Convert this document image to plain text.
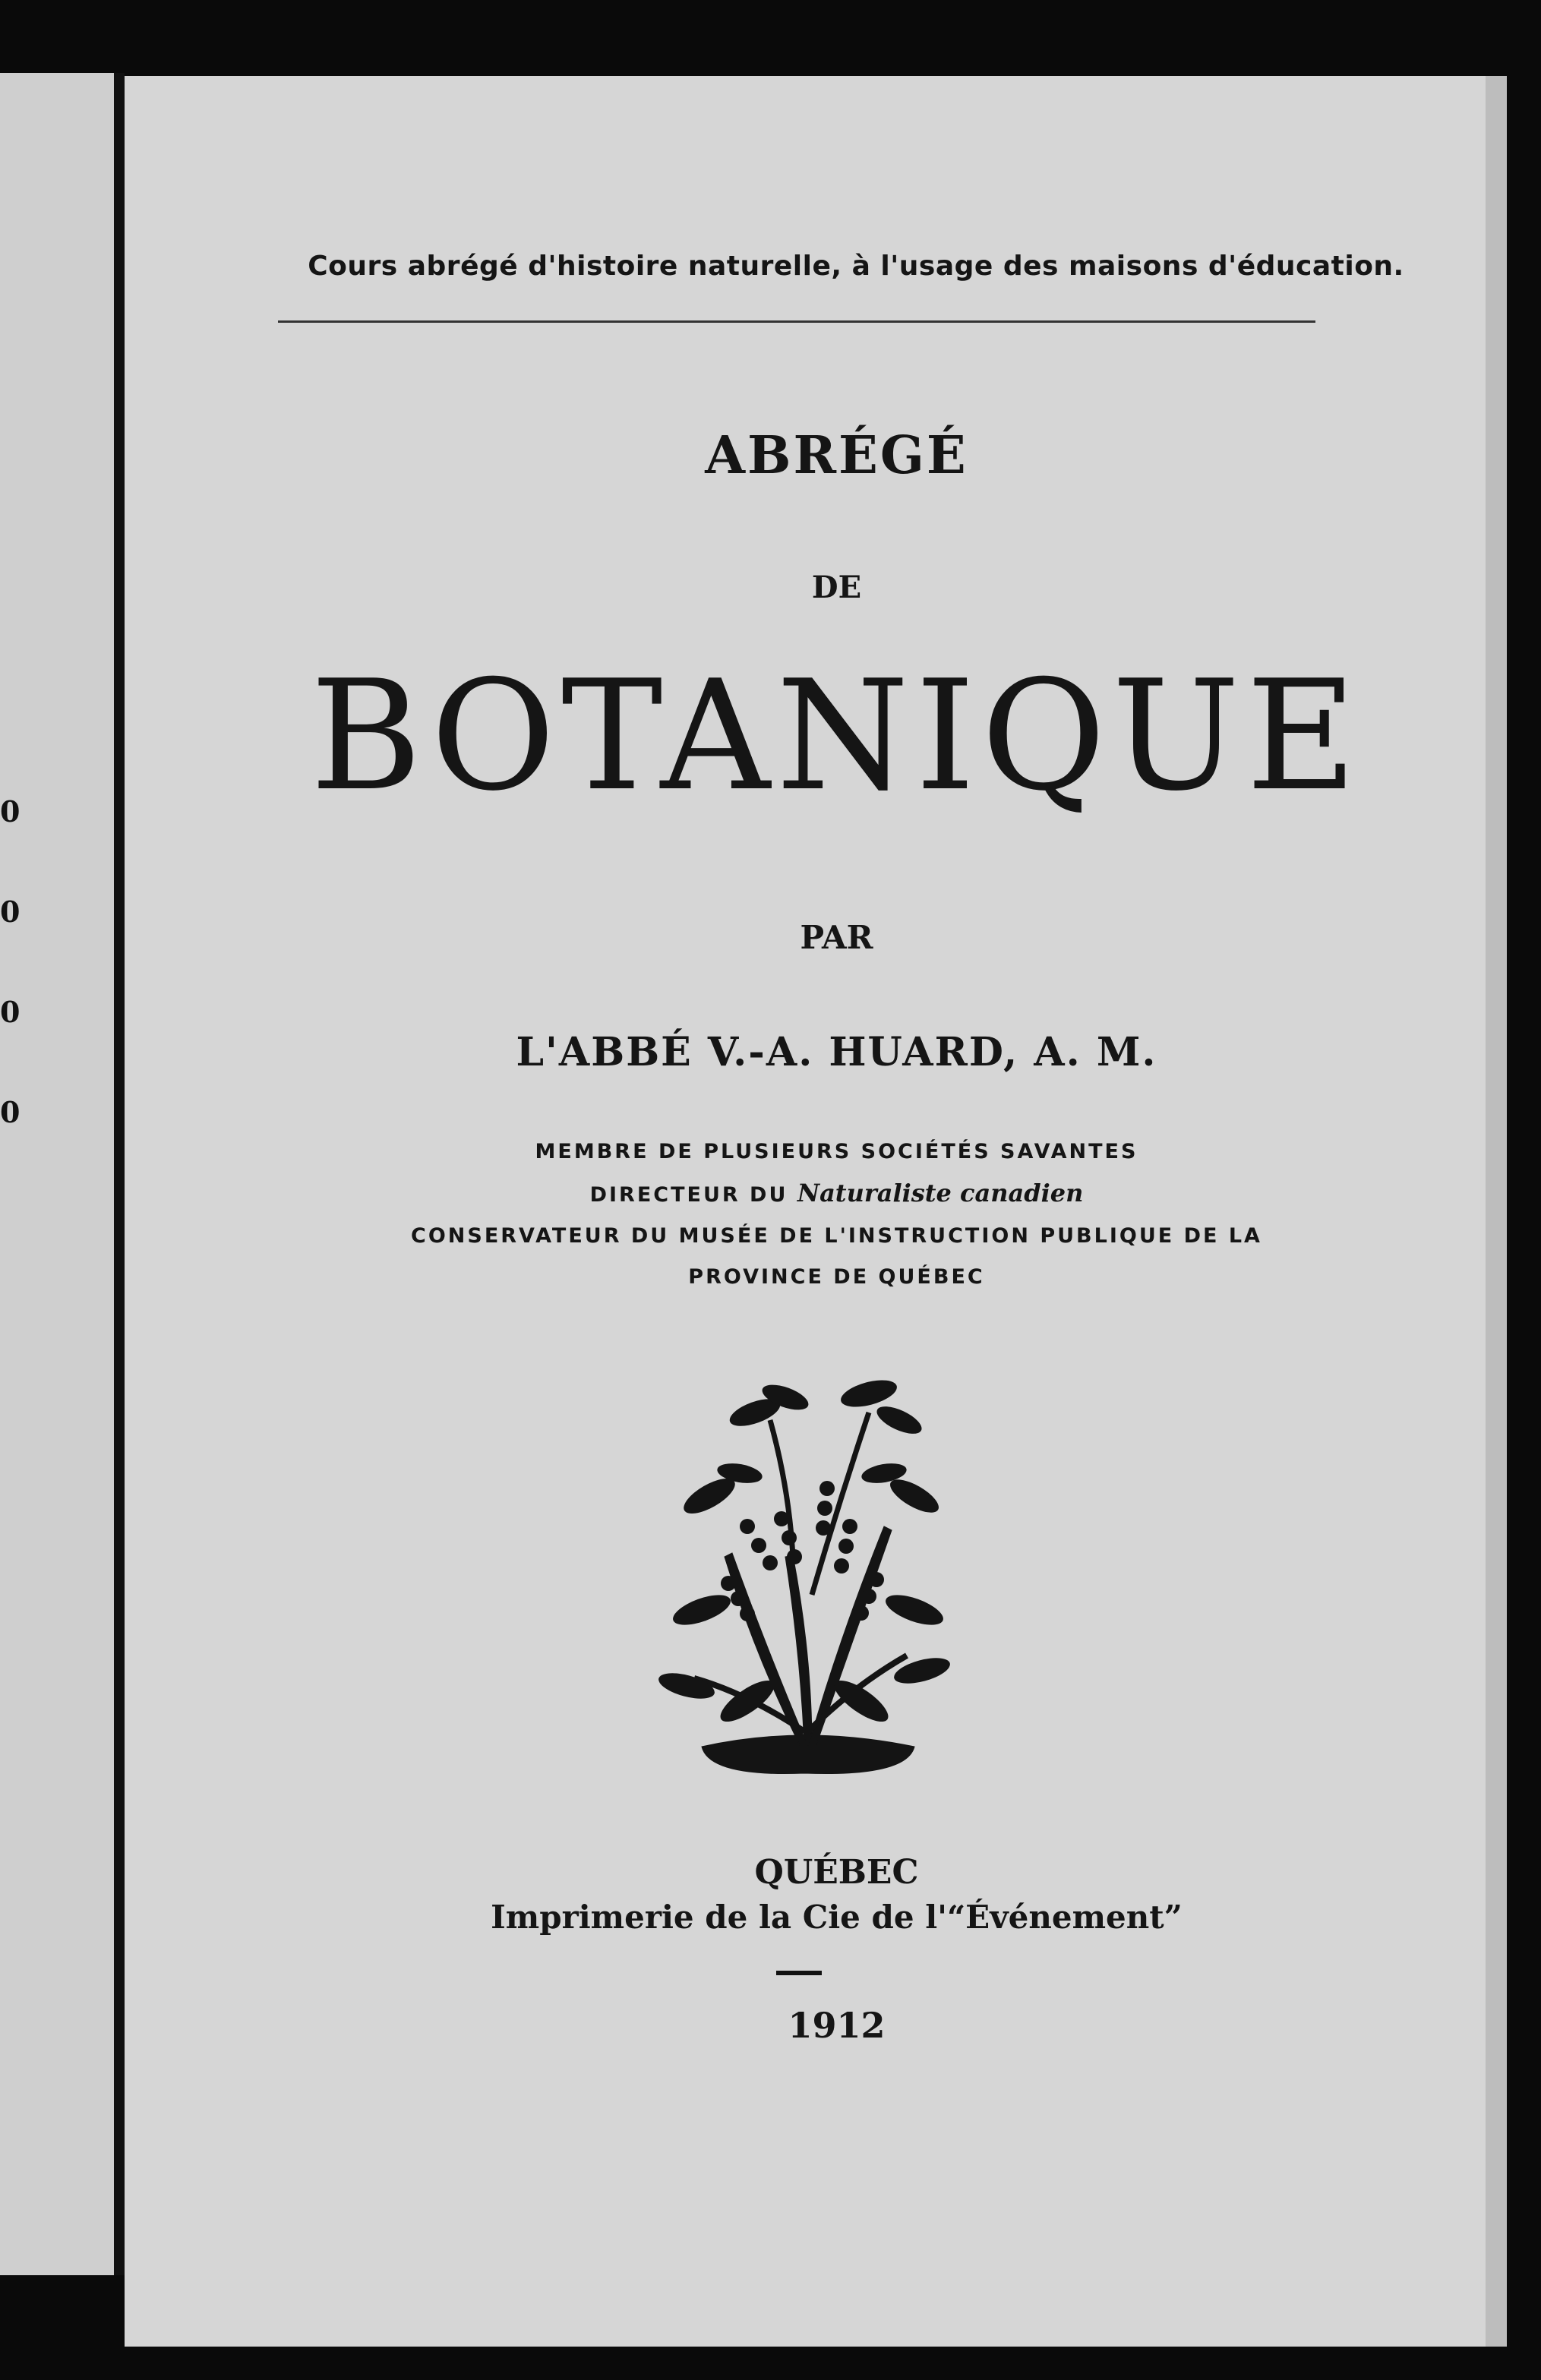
0
0
0
0
Cours abrégé d'histoire naturelle, à l'usage des maisons d'éducation.
ABRÉGÉ
DE
BOTANIQUE
PAR
L'ABBÉ V.-A. HUARD, A. M.
MEMBRE DE PLUSIEURS SOCIÉTÉS SAVANTES
DIRECTEUR DU Naturaliste canadien
CONSERVATEUR DU MUSÉE DE L'INSTRUCTION PUBLIQUE DE LA
PROVINCE DE QUÉBEC
QUÉBEC
Imprimerie de la Cie de l'“Événement”
1912
